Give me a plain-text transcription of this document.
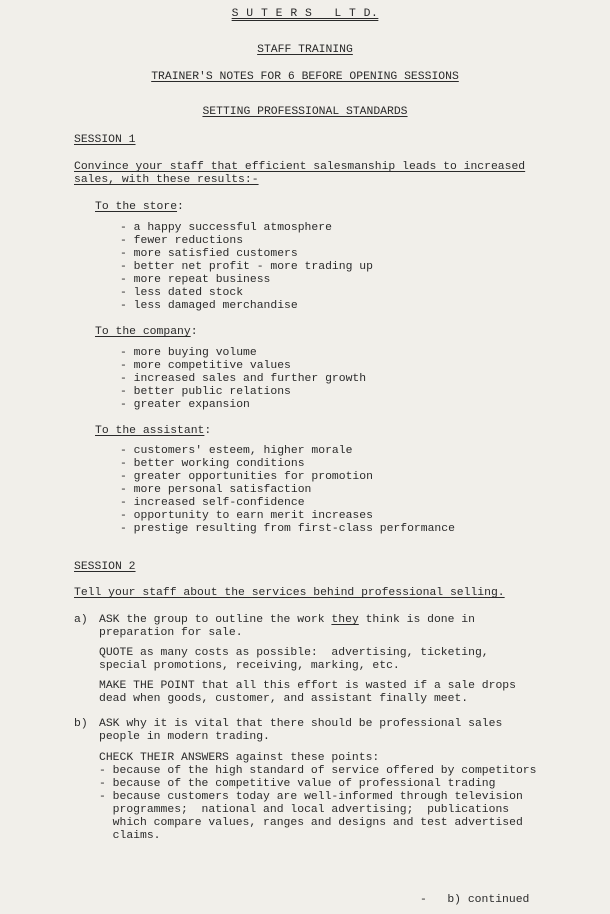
S U T E R S   L T D.
STAFF TRAINING
TRAINER'S NOTES FOR 6 BEFORE OPENING SESSIONS
SETTING PROFESSIONAL STANDARDS
SESSION 1
Convince your staff that efficient salesmanship leads to increased
sales, with these results:-
To the store:
- a happy successful atmosphere
- fewer reductions
- more satisfied customers
- better net profit - more trading up
- more repeat business
- less dated stock
- less damaged merchandise
To the company:
- more buying volume
- more competitive values
- increased sales and further growth
- better public relations
- greater expansion
To the assistant:
- customers' esteem, higher morale
- better working conditions
- greater opportunities for promotion
- more personal satisfaction
- increased self-confidence
- opportunity to earn merit increases
- prestige resulting from first-class performance
SESSION 2
Tell your staff about the services behind professional selling.
a) ASK the group to outline the work they think is done in
preparation for sale.
QUOTE as many costs as possible:  advertising, ticketing,
special promotions, receiving, marking, etc.
MAKE THE POINT that all this effort is wasted if a sale drops
dead when goods, customer, and assistant finally meet.
b) ASK why it is vital that there should be professional sales
people in modern trading.
CHECK THEIR ANSWERS against these points:
- because of the high standard of service offered by competitors
- because of the competitive value of professional trading
- because customers today are well-informed through television
programmes;  national and local advertising;  publications
which compare values, ranges and designs and test advertised
claims.
-   b) continued
